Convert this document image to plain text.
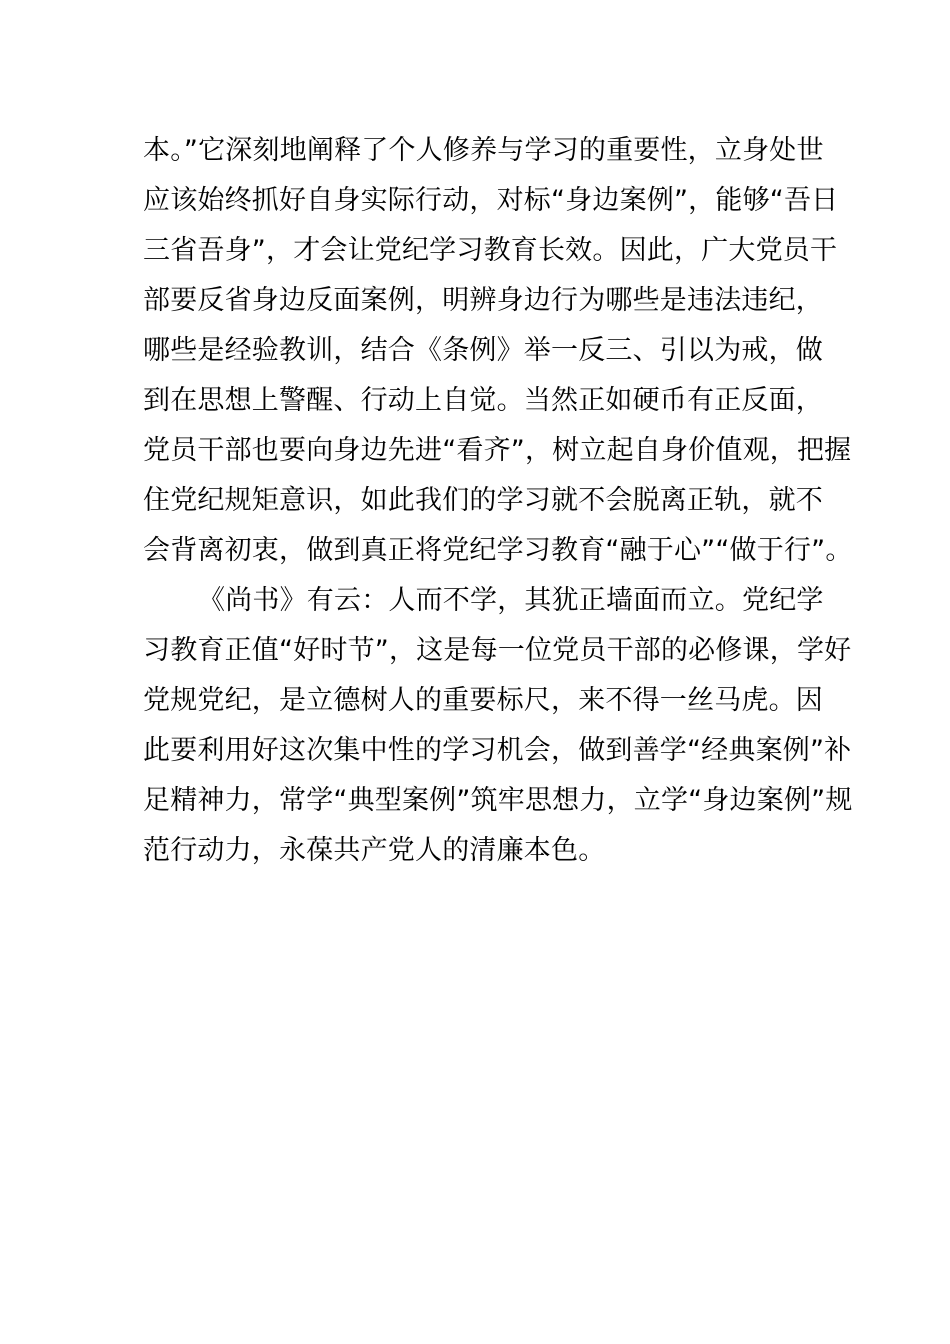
本。”它深刻地阐释了个人修养与学习的重要性，立身处世
应该始终抓好自身实际行动，对标“身边案例”，能够“吾日
三省吾身”，才会让党纪学习教育长效。因此，广大党员干
部要反省身边反面案例，明辨身边行为哪些是违法违纪，
哪些是经验教训，结合《条例》举一反三、引以为戒，做
到在思想上警醒、行动上自觉。当然正如硬币有正反面，
党员干部也要向身边先进“看齐”，树立起自身价值观，把握
住党纪规矩意识，如此我们的学习就不会脱离正轨，就不
会背离初衷，做到真正将党纪学习教育“融于心”“做于行”。
《尚书》有云：人而不学，其犹正墙面而立。党纪学
习教育正值“好时节”，这是每一位党员干部的必修课，学好
党规党纪，是立德树人的重要标尺，来不得一丝马虎。因
此要利用好这次集中性的学习机会，做到善学“经典案例”补
足精神力，常学“典型案例”筑牢思想力，立学“身边案例”规
范行动力，永葆共产党人的清廉本色。
